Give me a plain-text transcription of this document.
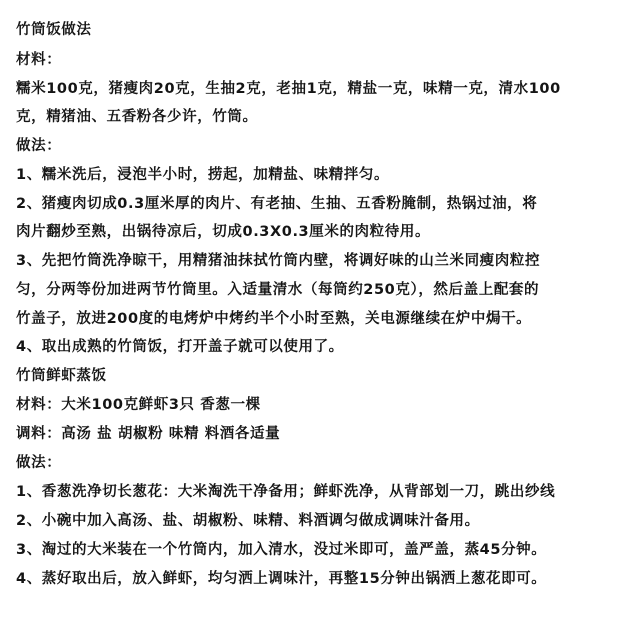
竹筒饭做法
材料：
糯米100克，猪瘦肉20克，生抽2克，老抽1克，精盐一克，味精一克，清水100
克，精猪油、五香粉各少许，竹筒。
做法：
1、糯米洗后，浸泡半小时，捞起，加精盐、味精拌匀。
2、猪瘦肉切成0.3厘米厚的肉片、有老抽、生抽、五香粉腌制，热锅过油，将
肉片翻炒至熟，出锅待凉后，切成0.3X0.3厘米的肉粒待用。
3、先把竹筒洗净晾干，用精猪油抹拭竹筒内壁，将调好味的山兰米同瘦肉粒控
匀，分两等份加进两节竹筒里。入适量清水（每筒约250克），然后盖上配套的
竹盖子，放进200度的电烤炉中烤约半个小时至熟，关电源继续在炉中焗干。
4、取出成熟的竹筒饭，打开盖子就可以使用了。
竹筒鲜虾蒸饭
材料：大米100克鲜虾3只 香葱一棵
调料：高汤 盐 胡椒粉 味精 料酒各适量
做法：
1、香葱洗净切长葱花：大米淘洗干净备用；鲜虾洗净，从背部划一刀，跳出纱线
2、小碗中加入高汤、盐、胡椒粉、味精、料酒调匀做成调味汁备用。
3、淘过的大米装在一个竹筒内，加入清水，没过米即可，盖严盖，蒸45分钟。
4、蒸好取出后，放入鲜虾，均匀洒上调味汁，再整15分钟出锅洒上葱花即可。
